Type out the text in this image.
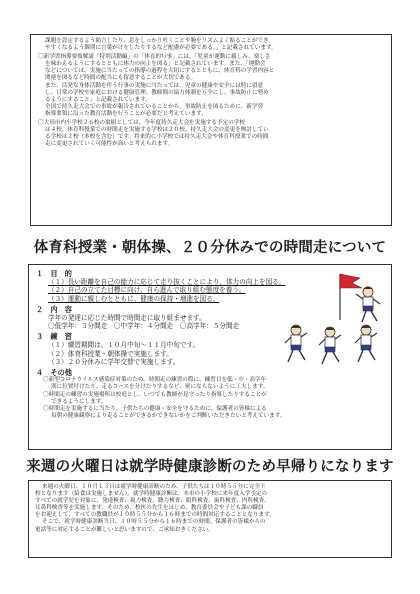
課題を設定するよう助言したり、息をしっかり吐くことや腕をリズムよく振ることができ

やすくなるよう個別に言葉がけをしたりするなど配慮が必要である。」と記載されています。

〇新学習指導要領解説「特別活動編」の「体育的行事」には、「児童が運動に親しみ、楽しさ

を味わえるようにするとともに体力の向上を図る」と記載されています。また、「運動会

などについては、実施に当たっての指導の過程を大切にするとともに、体育科の学習内容と

関連を図るなど時間の配当にも留意することが大切である。

また、活発な身体活動を伴う行事の実施に当たっては、児童の健康や安全には特に留意

し、日常の学校や家庭における健康管理、教師間の協力体制を万全にし、事故防止に努め

るようにすること」と記載されています。

全国で持久走大会での事故が報告されていることから、事故防止を図るために、新学習

指導要領に沿った教育活動を行うことが必要だと考えています。

〇大田市内小学校２６校の取組としては、今年度持久走大会を実施する予定の学校

は４校、体育科授業での時間走を実施する学校は２０校、持久走大会の変更を検討してい

る学校は２校（本校を含む）です。将来的に小学校では持久走大会や体育科授業での時間

走に変更されていく可能性が高いと考えられます。

体育科授業・朝体操、２０分休みでの時間走について

１　目　的

（１）長い距離を自己の能力に応じて走り抜くことにより、体力の向上を図る。

（２）自己の立てた目標に向け、自ら進んで取り組む態度を養う。

（３）運動に親しむとともに、健康の保持・増進を図る。

２　内　容

学年の発達に応じた時間で時間走に取り組ませます。

〇低学年：３分間走　〇中学年：４分間走　〇高学年：５分間走

３　練　習

（１）練習期間は、１０月中旬～１１月中旬です。

（２）体育科授業・朝体操で実施します。

（３）２０分休みに学年交替で実施します。

４　その他

〇新型コロナウイルス感染症対策のため、時間走の練習の際に、練習日を低・中・高学年

別に位置付けたり、走るコースを分けたりするなど、密にならないように工夫します。

〇時間走の練習の実施場所は校庭とし、いつでも教師が見守ったり指導したりすることが

できるようにします。

〇時間走を実施するに当たり、子供たちの健康・安全を守るために、保護者の皆様による

毎朝の健康観察により走ることができるかできないかをご判断いただきたいと考えています。

来週の火曜日は就学時健康診断のため早帰りになります

来週の火曜日、１０月１３日は就学時健康診断のため、子供たちは１０時５５分に完全下

校となります（給食は実施しません）。就学時健康診断は、本市の小学校に来年度入学予定の

すべての就学児を対象に、発達検査、視力検査、聴力検査、眼科検査、歯科検査、内科検査、

耳鼻科検査等を実施します。そのため、校医の先生をはじめ、教育委員会や子ども課の職員

をお迎えして、すべての教職員が１０時５５分から１６時までの時間対応することとなります。

そこで、就学時健康診断当日、１０時５５分から１６時までの時間、保護者の皆様からの

電話等に対応することが難しいと思いますので、ご承知おきください。
